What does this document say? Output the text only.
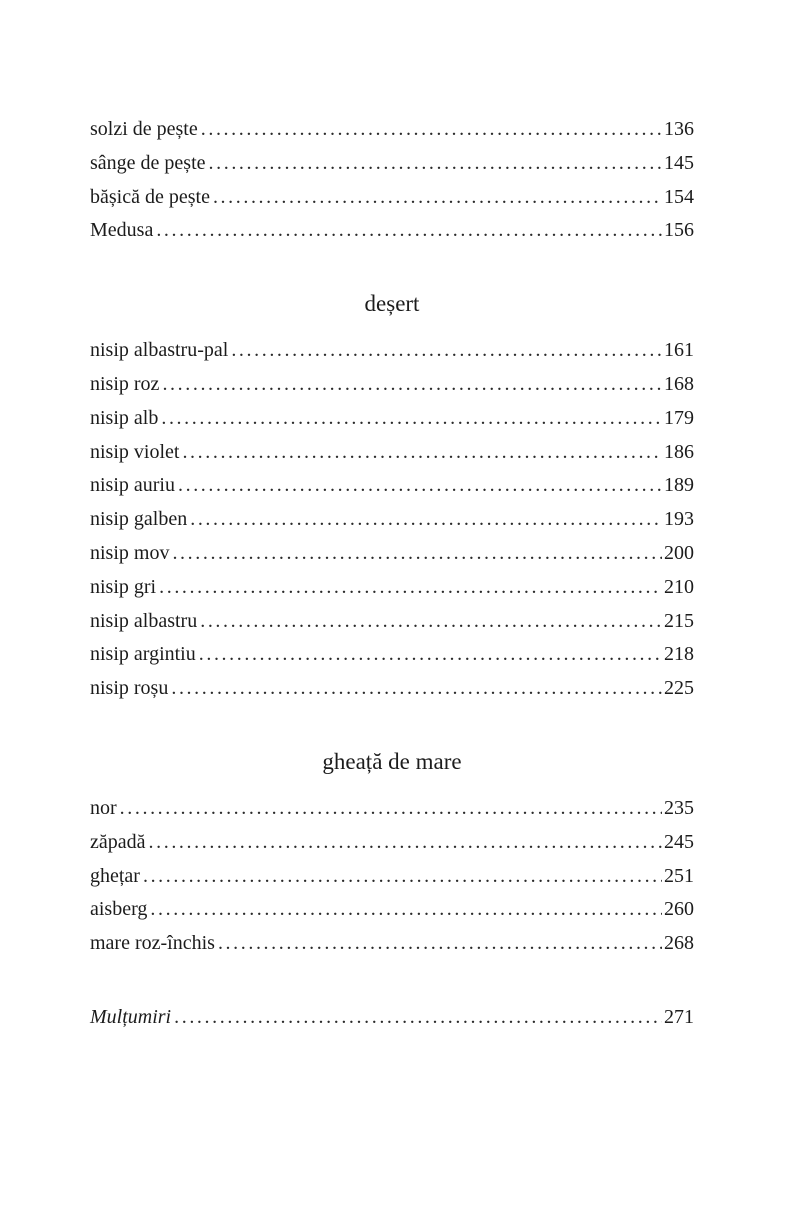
solzi de pește . . .	136
sânge de pește . . .	145
bășică de pește . . .	154
Medusa . . .	156
deșert
nisip albastru-pal . . .	161
nisip roz . . .	168
nisip alb . . .	179
nisip violet . . .	186
nisip auriu . . .	189
nisip galben . . .	193
nisip mov . . .	200
nisip gri . . .	210
nisip albastru . . .	215
nisip argintiu . . .	218
nisip roșu . . .	225
gheață de mare
nor . . .	235
zăpadă . . .	245
ghețar . . .	251
aisberg . . .	260
mare roz-închis . . .	268
Mulțumiri . . .	271
